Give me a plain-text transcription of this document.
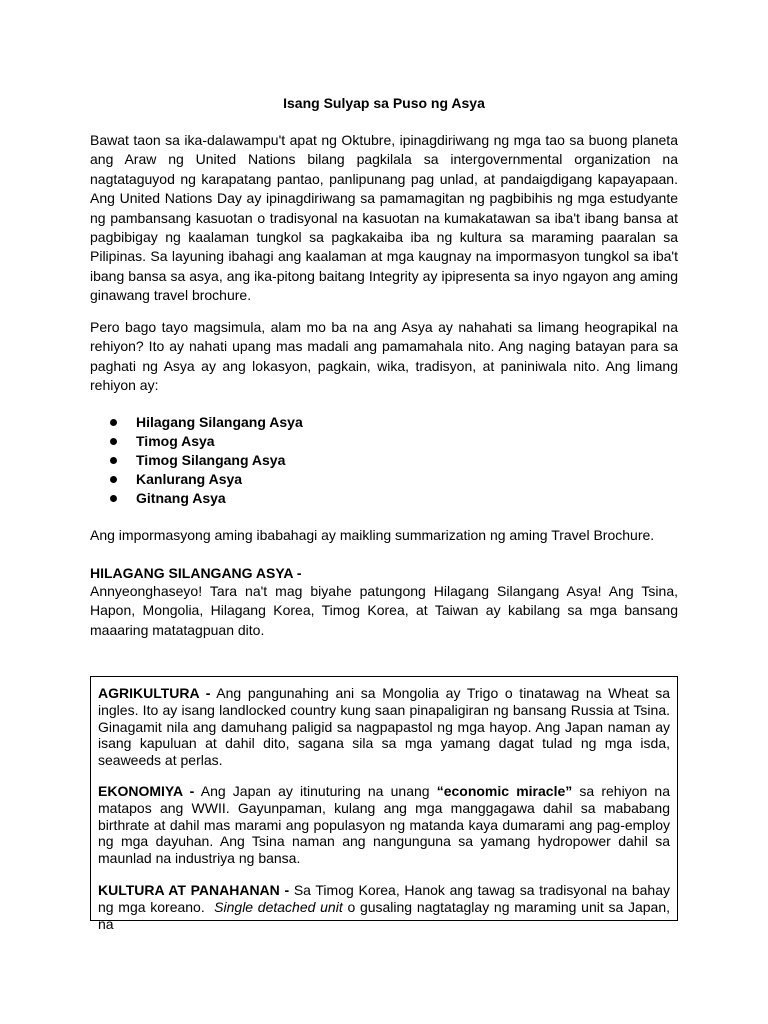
Isang Sulyap sa Puso ng Asya

Bawat taon sa ika-dalawampu't apat ng Oktubre, ipinagdiriwang ng mga tao sa buong planeta ang Araw ng United Nations bilang pagkilala sa intergovernmental organization na nagtataguyod ng karapatang pantao, panlipunang pag unlad, at pandaigdigang kapayapaan. Ang United Nations Day ay ipinagdiriwang sa pamamagitan ng pagbibihis ng mga estudyante ng pambansang kasuotan o tradisyonal na kasuotan na kumakatawan sa iba't ibang bansa at pagbibigay ng kaalaman tungkol sa pagkakaiba iba ng kultura sa maraming paaralan sa Pilipinas. Sa layuning ibahagi ang kaalaman at mga kaugnay na impormasyon tungkol sa iba't ibang bansa sa asya, ang ika-pitong baitang Integrity ay ipipresenta sa inyo ngayon ang aming ginawang travel brochure.

Pero bago tayo magsimula, alam mo ba na ang Asya ay nahahati sa limang heograpikal na rehiyon? Ito ay nahati upang mas madali ang pamamahala nito. Ang naging batayan para sa paghati ng Asya ay ang lokasyon, pagkain, wika, tradisyon, at paniniwala nito. Ang limang rehiyon ay:

Hilagang Silangang Asya
Timog Asya
Timog Silangang Asya
Kanlurang Asya
Gitnang Asya

Ang impormasyong aming ibabahagi ay maikling summarization ng aming Travel Brochure.

HILAGANG SILANGANG ASYA -

Annyeonghaseyo! Tara na't mag biyahe patungong Hilagang Silangang Asya! Ang Tsina, Hapon, Mongolia, Hilagang Korea, Timog Korea, at Taiwan ay kabilang sa mga bansang maaaring matatagpuan dito.

AGRIKULTURA - Ang pangunahing ani sa Mongolia ay Trigo o tinatawag na Wheat sa ingles. Ito ay isang landlocked country kung saan pinapaligiran ng bansang Russia at Tsina. Ginagamit nila ang damuhang paligid sa nagpapastol ng mga hayop. Ang Japan naman ay isang kapuluan at dahil dito, sagana sila sa mga yamang dagat tulad ng mga isda, seaweeds at perlas.

EKONOMIYA - Ang Japan ay itinuturing na unang “economic miracle” sa rehiyon na matapos ang WWII. Gayunpaman, kulang ang mga manggagawa dahil sa mababang birthrate at dahil mas marami ang populasyon ng matanda kaya dumarami ang pag-employ ng mga dayuhan. Ang Tsina naman ang nangunguna sa yamang hydropower dahil sa maunlad na industriya ng bansa.

KULTURA AT PANAHANAN - Sa Timog Korea, Hanok ang tawag sa tradisyonal na bahay ng mga koreano.  Single detached unit o gusaling nagtataglay ng maraming unit sa Japan, na
